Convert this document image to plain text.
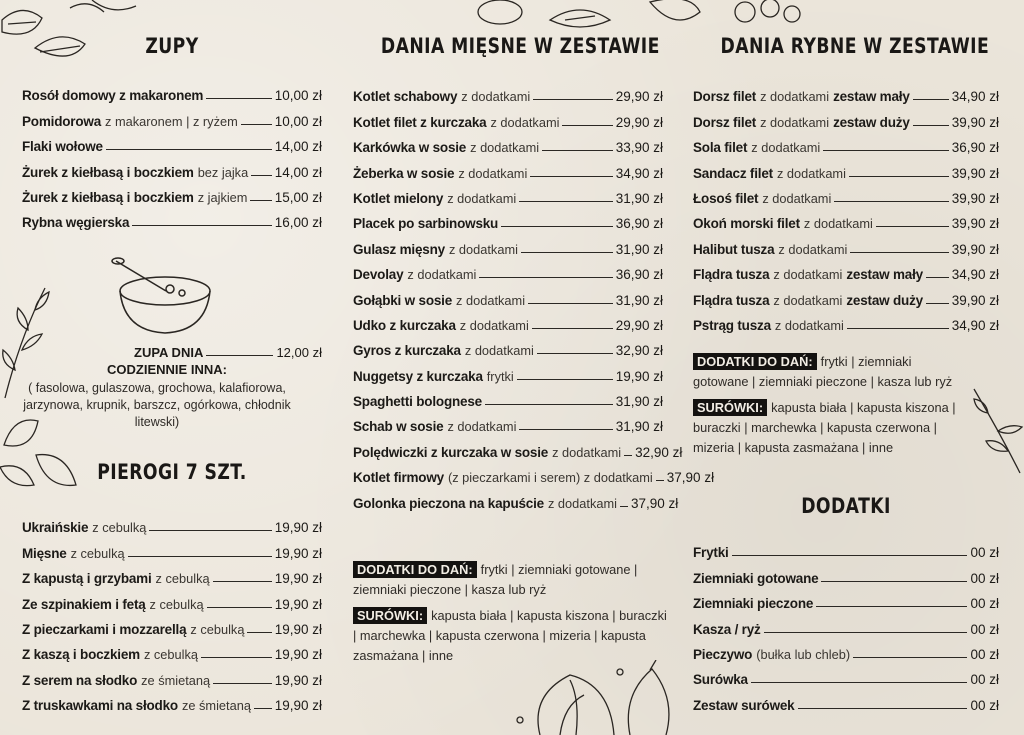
ZUPY
Rosół domowy z makaronem	10,00 zł
Pomidorowa z makaronem | z ryżem	10,00 zł
Flaki wołowe	14,00 zł
Żurek z kiełbasą i boczkiem bez jajka 14,00 zł
Żurek z kiełbasą i boczkiem z jajkiem 15,00 zł
Rybna węgierska	16,00 zł
ZUPA DNIA	12,00 zł
CODZIENNIE INNA:
( fasolowa, gulaszowa, grochowa, kalafiorowa, jarzynowa, krupnik, barszcz, ogórkowa, chłodnik litewski)
PIEROGI 7 SZT.
Ukraińskie z cebulką	19,90 zł
Mięsne z cebulką	19,90 zł
Z kapustą i grzybami z cebulką	19,90 zł
Ze szpinakiem i fetą z cebulką	19,90 zł
Z pieczarkami i mozzarellą z cebulką 19,90 zł
Z kaszą i boczkiem z cebulką	19,90 zł
Z serem na słodko ze śmietaną	19,90 zł
Z truskawkami na słodko ze śmietaną 19,90 zł
DANIA MIĘSNE W ZESTAWIE
Kotlet schabowy z dodatkami	29,90 zł
Kotlet filet z kurczaka z dodatkami	29,90 zł
Karkówka w sosie z dodatkami	33,90 zł
Żeberka w sosie z dodatkami	34,90 zł
Kotlet mielony z dodatkami	31,90 zł
Placek po sarbinowsku	36,90 zł
Gulasz mięsny z dodatkami	31,90 zł
Devolay z dodatkami	36,90 zł
Gołąbki w sosie z dodatkami	31,90 zł
Udko z kurczaka z dodatkami	29,90 zł
Gyros z kurczaka z dodatkami	32,90 zł
Nuggetsy z kurczaka frytki	19,90 zł
Spaghetti bolognese	31,90 zł
Schab w sosie z dodatkami	31,90 zł
Polędwiczki z kurczaka w sosie z dodatkami 32,90 zł
Kotlet firmowy (z pieczarkami i serem) z dodatkami 37,90 zł
Golonka pieczona na kapuście z dodatkami 37,90 zł
DODATKI DO DAŃ: frytki | ziemniaki gotowane | ziemniaki pieczone | kasza lub ryż
SURÓWKI: kapusta biała | kapusta kiszona | buraczki | marchewka | kapusta czerwona | mizeria | kapusta zasmażana | inne
DANIA RYBNE W ZESTAWIE
Dorsz filet z dodatkami zestaw mały	34,90 zł
Dorsz filet z dodatkami zestaw duży	39,90 zł
Sola filet z dodatkami	36,90 zł
Sandacz filet z dodatkami	39,90 zł
Łosoś filet z dodatkami	39,90 zł
Okoń morski filet z dodatkami	39,90 zł
Halibut tusza z dodatkami	39,90 zł
Flądra tusza z dodatkami zestaw mały 34,90 zł
Flądra tusza z dodatkami zestaw duży 39,90 zł
Pstrąg tusza z dodatkami	34,90 zł
DODATKI DO DAŃ: frytki | ziemniaki gotowane | ziemniaki pieczone | kasza lub ryż
SURÓWKI: kapusta biała | kapusta kiszona | buraczki | marchewka | kapusta czerwona | mizeria | kapusta zasmażana | inne
DODATKI
Frytki	00 zł
Ziemniaki gotowane	00 zł
Ziemniaki pieczone	00 zł
Kasza / ryż	00 zł
Pieczywo (bułka lub chleb)	00 zł
Surówka	00 zł
Zestaw surówek	00 zł
